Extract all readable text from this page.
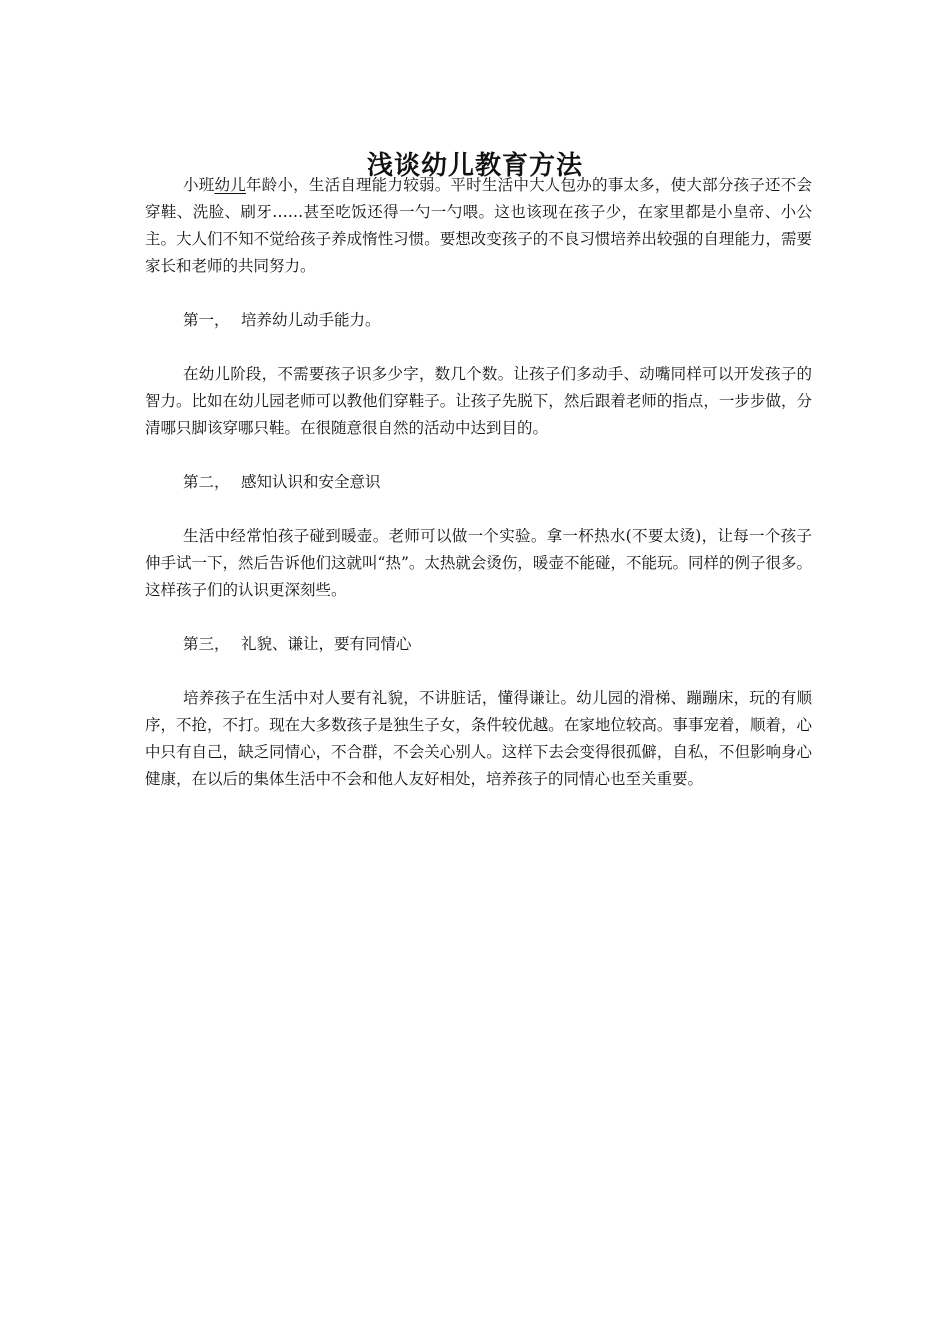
浅谈幼儿教育方法

小班幼儿年龄小，生活自理能力较弱。平时生活中大人包办的事太多，使大部分孩子还不会穿鞋、洗脸、刷牙……甚至吃饭还得一勺一勺喂。这也该现在孩子少，在家里都是小皇帝、小公主。大人们不知不觉给孩子养成惰性习惯。要想改变孩子的不良习惯培养出较强的自理能力，需要家长和老师的共同努力。

第一， 培养幼儿动手能力。

在幼儿阶段，不需要孩子识多少字，数几个数。让孩子们多动手、动嘴同样可以开发孩子的智力。比如在幼儿园老师可以教他们穿鞋子。让孩子先脱下，然后跟着老师的指点，一步步做，分清哪只脚该穿哪只鞋。在很随意很自然的活动中达到目的。

第二， 感知认识和安全意识

生活中经常怕孩子碰到暖壶。老师可以做一个实验。拿一杯热水(不要太烫)，让每一个孩子伸手试一下，然后告诉他们这就叫“热”。太热就会烫伤，暖壶不能碰，不能玩。同样的例子很多。这样孩子们的认识更深刻些。

第三， 礼貌、谦让，要有同情心

培养孩子在生活中对人要有礼貌，不讲脏话，懂得谦让。幼儿园的滑梯、蹦蹦床，玩的有顺序，不抢，不打。现在大多数孩子是独生子女，条件较优越。在家地位较高。事事宠着，顺着，心中只有自己，缺乏同情心，不合群，不会关心别人。这样下去会变得很孤僻，自私，不但影响身心健康，在以后的集体生活中不会和他人友好相处，培养孩子的同情心也至关重要。
